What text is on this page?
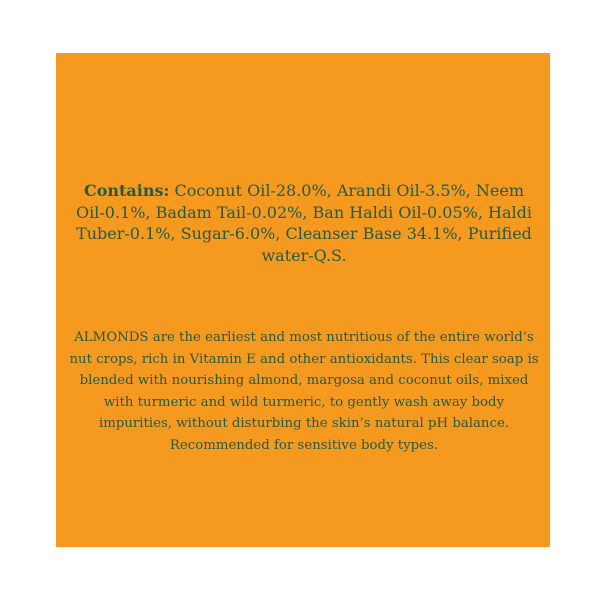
Contains: Coconut Oil-28.0%, Arandi Oil-3.5%, Neem Oil-0.1%, Badam Tail-0.02%, Ban Haldi Oil-0.05%, Haldi Tuber-0.1%, Sugar-6.0%, Cleanser Base 34.1%, Purified water-Q.S.

ALMONDS are the earliest and most nutritious of the entire world’s nut crops, rich in Vitamin E and other antioxidants. This clear soap is blended with nourishing almond, margosa and coconut oils, mixed with turmeric and wild turmeric, to gently wash away body impurities, without disturbing the skin’s natural pH balance. Recommended for sensitive body types.
